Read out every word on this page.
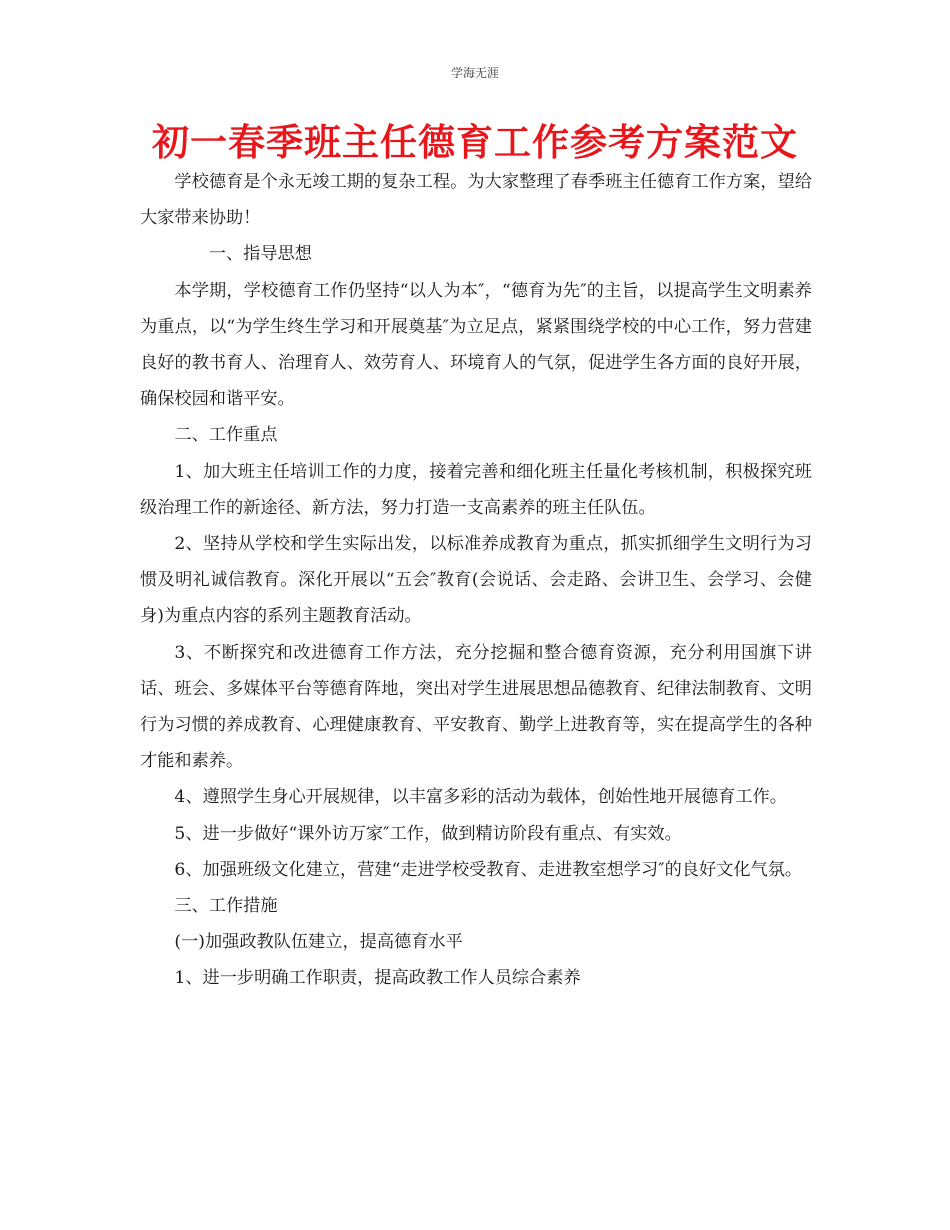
学海无涯
初一春季班主任德育工作参考方案范文

学校德育是个永无竣工期的复杂工程。为大家整理了春季班主任德育工作方案，望给大家带来协助！

一、指导思想

本学期，学校德育工作仍坚持“以人为本″，“德育为先″的主旨，以提高学生文明素养为重点，以“为学生终生学习和开展奠基″为立足点，紧紧围绕学校的中心工作，努力营建良好的教书育人、治理育人、效劳育人、环境育人的气氛，促进学生各方面的良好开展，确保校园和谐平安。

二、工作重点

1、加大班主任培训工作的力度，接着完善和细化班主任量化考核机制，积极探究班级治理工作的新途径、新方法，努力打造一支高素养的班主任队伍。

2、坚持从学校和学生实际出发，以标准养成教育为重点，抓实抓细学生文明行为习惯及明礼诚信教育。深化开展以“五会″教育(会说话、会走路、会讲卫生、会学习、会健身)为重点内容的系列主题教育活动。

3、不断探究和改进德育工作方法，充分挖掘和整合德育资源，充分利用国旗下讲话、班会、多媒体平台等德育阵地，突出对学生进展思想品德教育、纪律法制教育、文明行为习惯的养成教育、心理健康教育、平安教育、勤学上进教育等，实在提高学生的各种才能和素养。

4、遵照学生身心开展规律，以丰富多彩的活动为载体，创始性地开展德育工作。

5、进一步做好“课外访万家″工作，做到精访阶段有重点、有实效。

6、加强班级文化建立，营建“走进学校受教育、走进教室想学习″的良好文化气氛。

三、工作措施

(一)加强政教队伍建立，提高德育水平

1、进一步明确工作职责，提高政教工作人员综合素养
